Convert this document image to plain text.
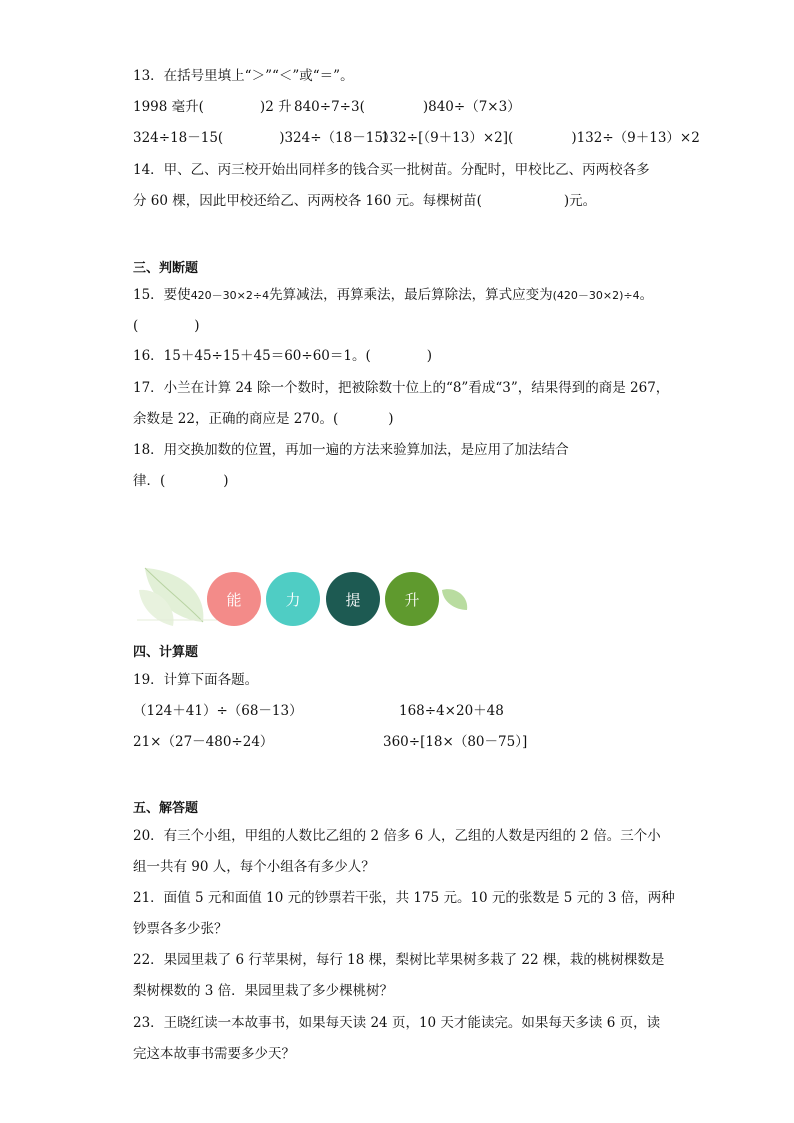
13．在括号里填上“＞”“＜”或“＝”。
1998 毫升(	)2 升 840÷7÷3(	)840÷（7×3）
324÷18－15(	)324÷（18－15）
132÷[（9＋13）×2](	)132÷（9＋13）×2
14．甲、乙、丙三校开始出同样多的钱合买一批树苗。分配时，甲校比乙、丙两校各多
分 60 棵，因此甲校还给乙、丙两校各 160 元。每棵树苗(	)元。
三、判断题
15．要使420－30×2÷4先算减法，再算乘法，最后算除法，算式应变为(420－30×2)÷4。
(	)
16．15＋45÷15＋45＝60÷60＝1。(	)
17．小兰在计算 24 除一个数时，把被除数十位上的“8”看成“3”，结果得到的商是 267，
余数是 22，正确的商应是 270。(	)
18．用交换加数的位置，再加一遍的方法来验算加法，是应用了加法结合
律．(	)
能	力	提	升
四、计算题
19．计算下面各题。
（124＋41）÷（68－13）	168÷4×20＋48
21×（27－480÷24）	360÷[18×（80－75）]
五、解答题
20．有三个小组，甲组的人数比乙组的 2 倍多 6 人，乙组的人数是丙组的 2 倍。三个小
组一共有 90 人，每个小组各有多少人？
21．面值 5 元和面值 10 元的钞票若干张，共 175 元。10 元的张数是 5 元的 3 倍，两种
钞票各多少张？
22．果园里栽了 6 行苹果树，每行 18 棵，梨树比苹果树多栽了 22 棵，栽的桃树棵数是
梨树棵数的 3 倍．果园里栽了多少棵桃树？
23．王晓红读一本故事书，如果每天读 24 页，10 天才能读完。如果每天多读 6 页，读
完这本故事书需要多少天？
